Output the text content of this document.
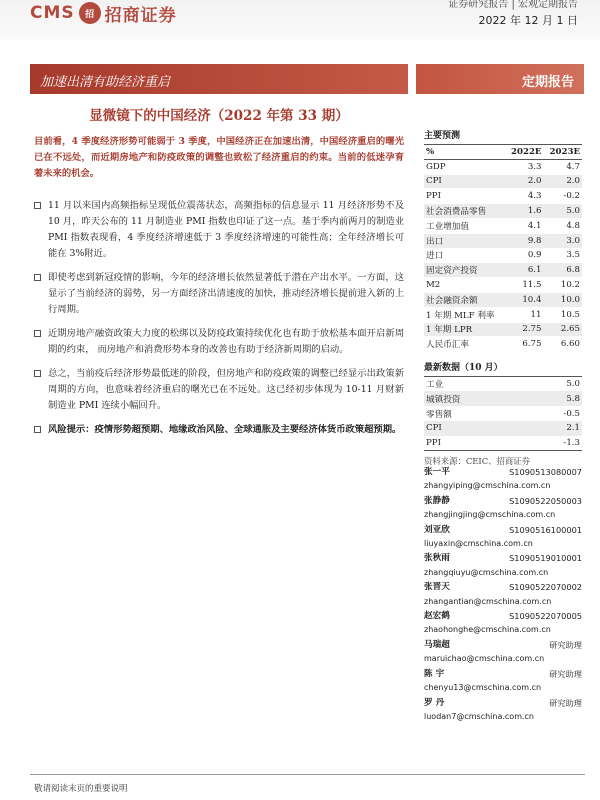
CMS	招 招商证券
证券研究报告 | 宏观定期报告
2022 年 12 月 1 日
加速出清有助经济重启	定期报告
显微镜下的中国经济（2022 年第 33 期）

目前看，4 季度经济形势可能弱于 3 季度，中国经济正在加速出清，中国经济重启的曙光已在不远处，而近期房地产和防疫政策的调整也致松了经济重启的约束。当前的低迷孕育着未来的机会。

11 月以来国内高频指标呈现低位震荡状态，高频指标的信息显示 11 月经济形势不及 10 月，昨天公布的 11 月制造业 PMI 指数也印证了这一点。基于季内前两月的制造业 PMI 指数表现看，4 季度经济增速低于 3 季度经济增速的可能性高；全年经济增长可能在 3%附近。
即使考虑到新冠疫情的影响，今年的经济增长依然显著低于潜在产出水平。一方面，这显示了当前经济的弱势，另一方面经济出清速度的加快，推动经济增长提前进入新的上行周期。
近期房地产融资政策大力度的松绑以及防疫政策持续优化也有助于放松基本面开启新周期的约束， 而房地产和消费形势本身的改善也有助于经济新周期的启动。
总之，当前疫后经济形势最低迷的阶段，但房地产和防疫政策的调整已经显示出政策新周期的方向，也意味着经济重启的曙光已在不远处。这已经初步体现为 10-11 月财新制造业 PMI 连续小幅回升。
风险提示：疫情形势超预期、地缘政治风险、全球通胀及主要经济体货币政策超预期。
主要预测
%	2022E	2023E
GDP	3.3	4.7
CPI	2.0	2.0
PPI	4.3	-0.2
社会消费品零售	1.6	5.0
工业增加值	4.1	4.8
出口	9.8	3.0
进口	0.9	3.5
固定资产投资	6.1	6.8
M2	11.5	10.2
社会融资余额	10.4	10.0
1 年期 MLF 利率	11	10.5
1 年期 LPR	2.75	2.65
人民币汇率	6.75	6.60
最新数据（10 月）
工业	5.0
城镇投资	5.8
零售额	-0.5
CPI	2.1
PPI	-1.3
资料来源：CEIC、招商证券
张一平	S1090513080007
zhangyiping@cmschina.com.cn
张静静	S1090522050003
zhangjingjing@cmschina.com.cn
刘亚欣	S1090516100001
liuyaxin@cmschina.com.cn
张秋雨	S1090519010001
zhangqiuyu@cmschina.com.cn
张晋天	S1090522070002
zhangantian@cmschina.com.cn
赵宏鹤	S1090522070005
zhaohonghe@cmschina.com.cn
马瑞超	研究助理
maruichao@cmschina.com.cn
陈 宇	研究助理
chenyu13@cmschina.com.cn
罗 丹	研究助理
luodan7@cmschina.com.cn
敬请阅读末页的重要说明
